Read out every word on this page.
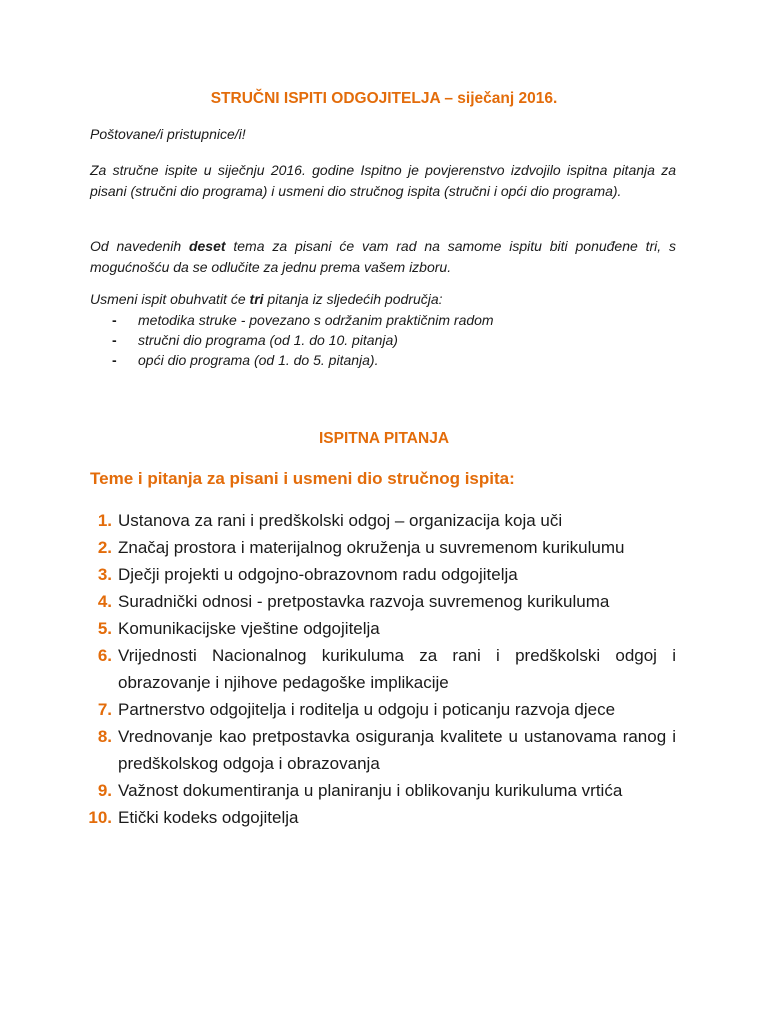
STRUČNI ISPITI ODGOJITELJA – siječanj 2016.
Poštovane/i pristupnice/i!
Za stručne ispite u siječnju 2016. godine Ispitno je povjerenstvo izdvojilo ispitna pitanja za pisani (stručni dio programa) i usmeni dio stručnog ispita (stručni i opći dio programa).
Od navedenih deset tema za pisani će vam rad na samome ispitu biti ponuđene tri, s mogućnošću da se odlučite za jednu prema vašem izboru.
Usmeni ispit obuhvatit će tri pitanja iz sljedećih područja:
- metodika struke - povezano s održanim praktičnim radom
- stručni dio programa (od 1. do 10. pitanja)
- opći dio programa (od 1. do 5. pitanja).
ISPITNA PITANJA
Teme i pitanja za pisani i usmeni dio stručnog ispita:
1. Ustanova za rani i predškolski odgoj – organizacija koja uči
2. Značaj prostora i materijalnog okruženja u suvremenom kurikulumu
3. Dječji projekti u odgojno-obrazovnom radu odgojitelja
4. Suradnički odnosi - pretpostavka razvoja suvremenog kurikuluma
5. Komunikacijske vještine odgojitelja
6. Vrijednosti Nacionalnog kurikuluma za rani i predškolski odgoj i obrazovanje i njihove pedagoške implikacije
7. Partnerstvo odgojitelja i roditelja u odgoju i poticanju razvoja djece
8. Vrednovanje kao pretpostavka osiguranja kvalitete u ustanovama ranog i predškolskog odgoja i obrazovanja
9. Važnost dokumentiranja u planiranju i oblikovanju kurikuluma vrtića
10. Etički kodeks odgojitelja
